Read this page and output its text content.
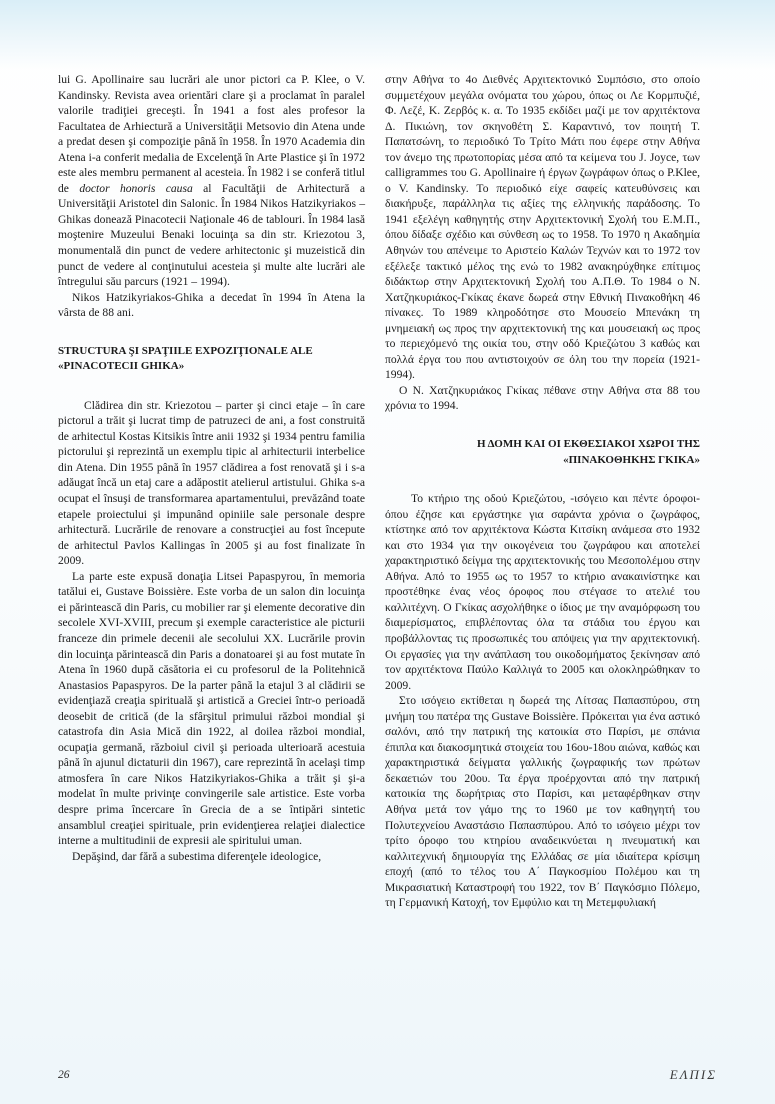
lui G. Apollinaire sau lucrări ale unor pictori ca P. Klee, o V. Kandinsky. Revista avea orientări clare şi a proclamat în paralel valorile tradiţiei greceşti. În 1941 a fost ales profesor la Facultatea de Arhiectură a Universităţii Metsovio din Atena unde a predat desen şi compoziţie până în 1958. În 1970 Academia din Atena i-a conferit medalia de Excelenţă în Arte Plastice şi în 1972 este ales membru permanent al acesteia. În 1982 i se conferă titlul de doctor honoris causa al Facultăţii de Arhitectură a Universităţii Aristotel din Salonic. În 1984 Nikos Hatzikyriakos – Ghikas donează Pinacotecii Naţionale 46 de tablouri. În 1984 lasă moştenire Muzeului Benaki locuinţa sa din str. Kriezotou 3, monumentală din punct de vedere arhitectonic şi muzeistică din punct de vedere al conţinutului acesteia şi multe alte lucrări ale întregului său parcurs (1921 – 1994).

Nikos Hatzikyriakos-Ghika a decedat în 1994 în Atena la vârsta de 88 ani.

STRUCTURA ŞI SPAŢIILE EXPOZIŢIONALE ALE
«PINACOTECII GHIKA»

Clădirea din str. Kriezotou – parter şi cinci etaje – în care pictorul a trăit şi lucrat timp de patruzeci de ani, a fost construită de arhitectul Kostas Kitsikis între anii 1932 şi 1934 pentru familia pictorului şi reprezintă un exemplu tipic al arhitecturii interbelice din Atena. Din 1955 până în 1957 clădirea a fost renovată şi i s-a adăugat încă un etaj care a adăpostit atelierul artistului. Ghika s-a ocupat el însuşi de transformarea apartamentului, prevăzând toate etapele proiectului şi impunând opiniile sale personale despre arhitectură. Lucrările de renovare a construcţiei au fost începute de arhitectul Pavlos Kallingas în 2005 şi au fost finalizate în 2009.

La parte este expusă donaţia Litsei Papaspyrou, în memoria tatălui ei, Gustave Boissière. Este vorba de un salon din locuinţa ei părintească din Paris, cu mobilier rar şi elemente decorative din secolele XVI-XVIII, precum şi exemple caracteristice ale picturii franceze din primele decenii ale secolului XX. Lucrările provin din locuinţa părintească din Paris a donatoarei şi au fost mutate în Atena în 1960 după căsătoria ei cu profesorul de la Politehnică Anastasios Papaspyros. De la parter până la etajul 3 al clădirii se evidenţiază creaţia spirituală şi artistică a Greciei într-o perioadă deosebit de critică (de la sfârşitul primului război mondial şi catastrofa din Asia Mică din 1922, al doilea război mondial, ocupaţia germană, războiul civil şi perioada ulterioară acestuia până în ajunul dictaturii din 1967), care reprezintă în acelaşi timp atmosfera în care Nikos Hatzikyriakos-Ghika a trăit şi şi-a modelat în multe privinţe convingerile sale artistice. Este vorba despre prima încercare în Grecia de a se întipări sintetic ansamblul creaţiei spirituale, prin evidenţierea relaţiei dialectice interne a multitudinii de expresii ale spiritului uman.

Depăşind, dar fără a subestima diferenţele ideologice,

στην Αθήνα το 4ο Διεθνές Αρχιτεκτονικό Συμπόσιο, στο οποίο συμμετέχουν μεγάλα ονόματα του χώρου, όπως οι Λε Κορμπυζιέ, Φ. Λεζέ, Κ. Ζερβός κ. α. Το 1935 εκδίδει μαζί με τον αρχιτέκτονα Δ. Πικιώνη, τον σκηνοθέτη Σ. Καραντινό, τον ποιητή Τ. Παπατσώνη, το περιοδικό Το Τρίτο Μάτι που έφερε στην Αθήνα τον άνεμο της πρωτοπορίας μέσα από τα κείμενα του J. Joyce, των calligrammes του G. Apollinaire ή έργων ζωγράφων όπως ο P.Klee, ο V. Kandinsky. Το περιοδικό είχε σαφείς κατευθύνσεις και διακήρυξε, παράλληλα τις αξίες της ελληνικής παράδοσης. Το 1941 εξελέγη καθηγητής στην Αρχιτεκτονική Σχολή του Ε.Μ.Π., όπου δίδαξε σχέδιο και σύνθεση ως το 1958. Το 1970 η Ακαδημία Αθηνών του απένειμε το Αριστείο Καλών Τεχνών και το 1972 τον εξέλεξε τακτικό μέλος της ενώ το 1982 ανακηρύχθηκε επίτιμος διδάκτωρ στην Αρχιτεκτονική Σχολή του Α.Π.Θ. Το 1984 ο Ν. Χατζηκυριάκος-Γκίκας έκανε δωρεά στην Εθνική Πινακοθήκη 46 πίνακες. Το 1989 κληροδότησε στο Μουσείο Μπενάκη τη μνημειακή ως προς την αρχιτεκτονική της και μουσειακή ως προς το περιεχόμενό της οικία του, στην οδό Κριεζώτου 3 καθώς και πολλά έργα του που αντιστοιχούν σε όλη του την πορεία (1921-1994).

Ο Ν. Χατζηκυριάκος Γκίκας πέθανε στην Αθήνα στα 88 του χρόνια το 1994.

Η ΔΟΜΗ ΚΑΙ ΟΙ ΕΚΘΕΣΙΑΚΟΙ ΧΩΡΟΙ ΤΗΣ
«ΠΙΝΑΚΟΘΗΚΗΣ ΓΚΙΚΑ»

Το κτήριο της οδού Κριεζώτου, -ισόγειο και πέντε όροφοι- όπου έζησε και εργάστηκε για σαράντα χρόνια ο ζωγράφος, κτίστηκε από τον αρχιτέκτονα Κώστα Κιτσίκη ανάμεσα στο 1932 και στο 1934 για την οικογένεια του ζωγράφου και αποτελεί χαρακτηριστικό δείγμα της αρχιτεκτονικής του Μεσοπολέμου στην Αθήνα. Από το 1955 ως το 1957 το κτήριο ανακαινίστηκε και προστέθηκε ένας νέος όροφος που στέγασε το ατελιέ του καλλιτέχνη. Ο Γκίκας ασχολήθηκε ο ίδιος με την αναμόρφωση του διαμερίσματος, επιβλέποντας όλα τα στάδια του έργου και προβάλλοντας τις προσωπικές του απόψεις για την αρχιτεκτονική. Οι εργασίες για την ανάπλαση του οικοδομήματος ξεκίνησαν από τον αρχιτέκτονα Παύλο Καλλιγά το 2005 και ολοκληρώθηκαν το 2009.

Στο ισόγειο εκτίθεται η δωρεά της Λίτσας Παπασπύρου, στη μνήμη του πατέρα της Gustave Boissière. Πρόκειται για ένα αστικό σαλόνι, από την πατρική της κατοικία στο Παρίσι, με σπάνια έπιπλα και διακοσμητικά στοιχεία του 16ου-18ου αιώνα, καθώς και χαρακτηριστικά δείγματα γαλλικής ζωγραφικής των πρώτων δεκαετιών του 20ου. Τα έργα προέρχονται από την πατρική κατοικία της δωρήτριας στο Παρίσι, και μεταφέρθηκαν στην Αθήνα μετά τον γάμο της το 1960 με τον καθηγητή του Πολυτεχνείου Αναστάσιο Παπασπύρου. Από το ισόγειο μέχρι τον τρίτο όροφο του κτηρίου αναδεικνύεται η πνευματική και καλλιτεχνική δημιουργία της Ελλάδας σε μία ιδιαίτερα κρίσιμη εποχή (από το τέλος του Α΄ Παγκοσμίου Πολέμου και τη Μικρασιατική Καταστροφή του 1922, τον Β΄ Παγκόσμιο Πόλεμο, τη Γερμανική Κατοχή, τον Εμφύλιο και τη Μετεμφυλιακή

26	ΕΛΠΙΣ
